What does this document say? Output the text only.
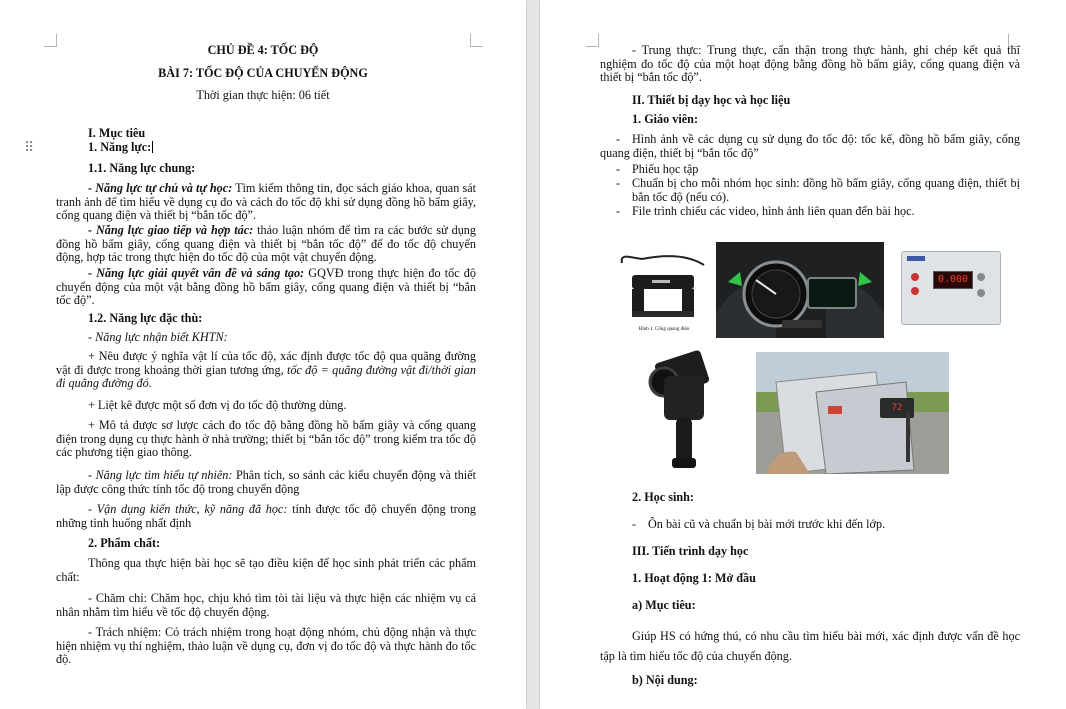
CHỦ ĐỀ 4: TỐC ĐỘ
BÀI 7: TỐC ĐỘ CỦA CHUYỂN ĐỘNG
Thời gian thực hiện: 06 tiết
I. Mục tiêu
1. Năng lực:
1.1. Năng lực chung:
- Năng lực tự chủ và tự học: Tìm kiếm thông tin, đọc sách giáo khoa, quan sát tranh ảnh để tìm hiểu về dụng cụ đo và cách đo tốc độ khi sử dụng đồng hồ bấm giây, cổng quang điện và thiết bị “bắn tốc độ”.
- Năng lực giao tiếp và hợp tác: thảo luận nhóm để tìm ra các bước sử dụng đồng hồ bấm giây, cổng quang điện và thiết bị “bắn tốc độ” để đo tốc độ chuyển động, hợp tác trong thực hiện đo tốc độ của một vật chuyển động.
- Năng lực giải quyết vấn đề và sáng tạo: GQVĐ trong thực hiện đo tốc độ chuyển động của một vật bằng đồng hồ bấm giây, cổng quang điện và thiết bị “bắn tốc độ”.
1.2. Năng lực đặc thù:
- Năng lực nhận biết KHTN:
+ Nêu được ý nghĩa vật lí của tốc độ, xác định được tốc độ qua quãng đường vật đi được trong khoảng thời gian tương ứng, tốc độ = quãng đường vật đi/thời gian đi quãng đường đó.
+ Liệt kê được một số đơn vị đo tốc độ thường dùng.
+ Mô tả được sơ lược cách đo tốc độ bằng đồng hồ bấm giây và cổng quang điện trong dụng cụ thực hành ở nhà trường; thiết bị “bắn tốc độ” trong kiểm tra tốc độ các phương tiện giao thông.
- Năng lực tìm hiểu tự nhiên: Phân tích, so sánh các kiểu chuyển động và thiết lập được công thức tính tốc độ trong chuyển động
- Vận dụng kiến thức, kỹ năng đã học: tính được tốc độ chuyển động trong những tình huống nhất định
2. Phẩm chất:
Thông qua thực hiện bài học sẽ tạo điều kiện để học sinh phát triển các phẩm chất:
- Chăm chỉ: Chăm học, chịu khó tìm tòi tài liệu và thực hiện các nhiệm vụ cá nhân nhằm tìm hiểu về tốc độ chuyển động.
- Trách nhiệm: Có trách nhiệm trong hoạt động nhóm, chủ động nhận và thực hiện nhiệm vụ thí nghiệm, thảo luận về dụng cụ, đơn vị đo tốc độ và thực hành đo tốc độ.
⠿
- Trung thực: Trung thực, cẩn thận trong thực hành, ghi chép kết quả thí nghiệm đo tốc độ của một hoạt động bằng đồng hồ bấm giây, cổng quang điện và thiết bị “bắn tốc độ”.
II. Thiết bị dạy học và học liệu
1. Giáo viên:
- Hình ảnh về các dụng cụ sử dụng đo tốc độ: tốc kế, đồng hồ bấm giây, cổng quang điện, thiết bị “bắn tốc độ”
- Phiếu học tập
- Chuẩn bị cho mỗi nhóm học sinh: đồng hồ bấm giây, cổng quang điện, thiết bị bắn tốc độ (nếu có).
- File trình chiếu các video, hình ảnh liên quan đến bài học.
Hình 1. Cổng quang điện
0.000
72
2. Học sinh:
- Ôn bài cũ và chuẩn bị bài mới trước khi đến lớp.
III. Tiến trình dạy học
1. Hoạt động 1: Mở đầu
a) Mục tiêu:
Giúp HS có hứng thú, có nhu cầu tìm hiểu bài mới, xác định được vấn đề học tập là tìm hiểu tốc độ của chuyển động.
b) Nội dung:
